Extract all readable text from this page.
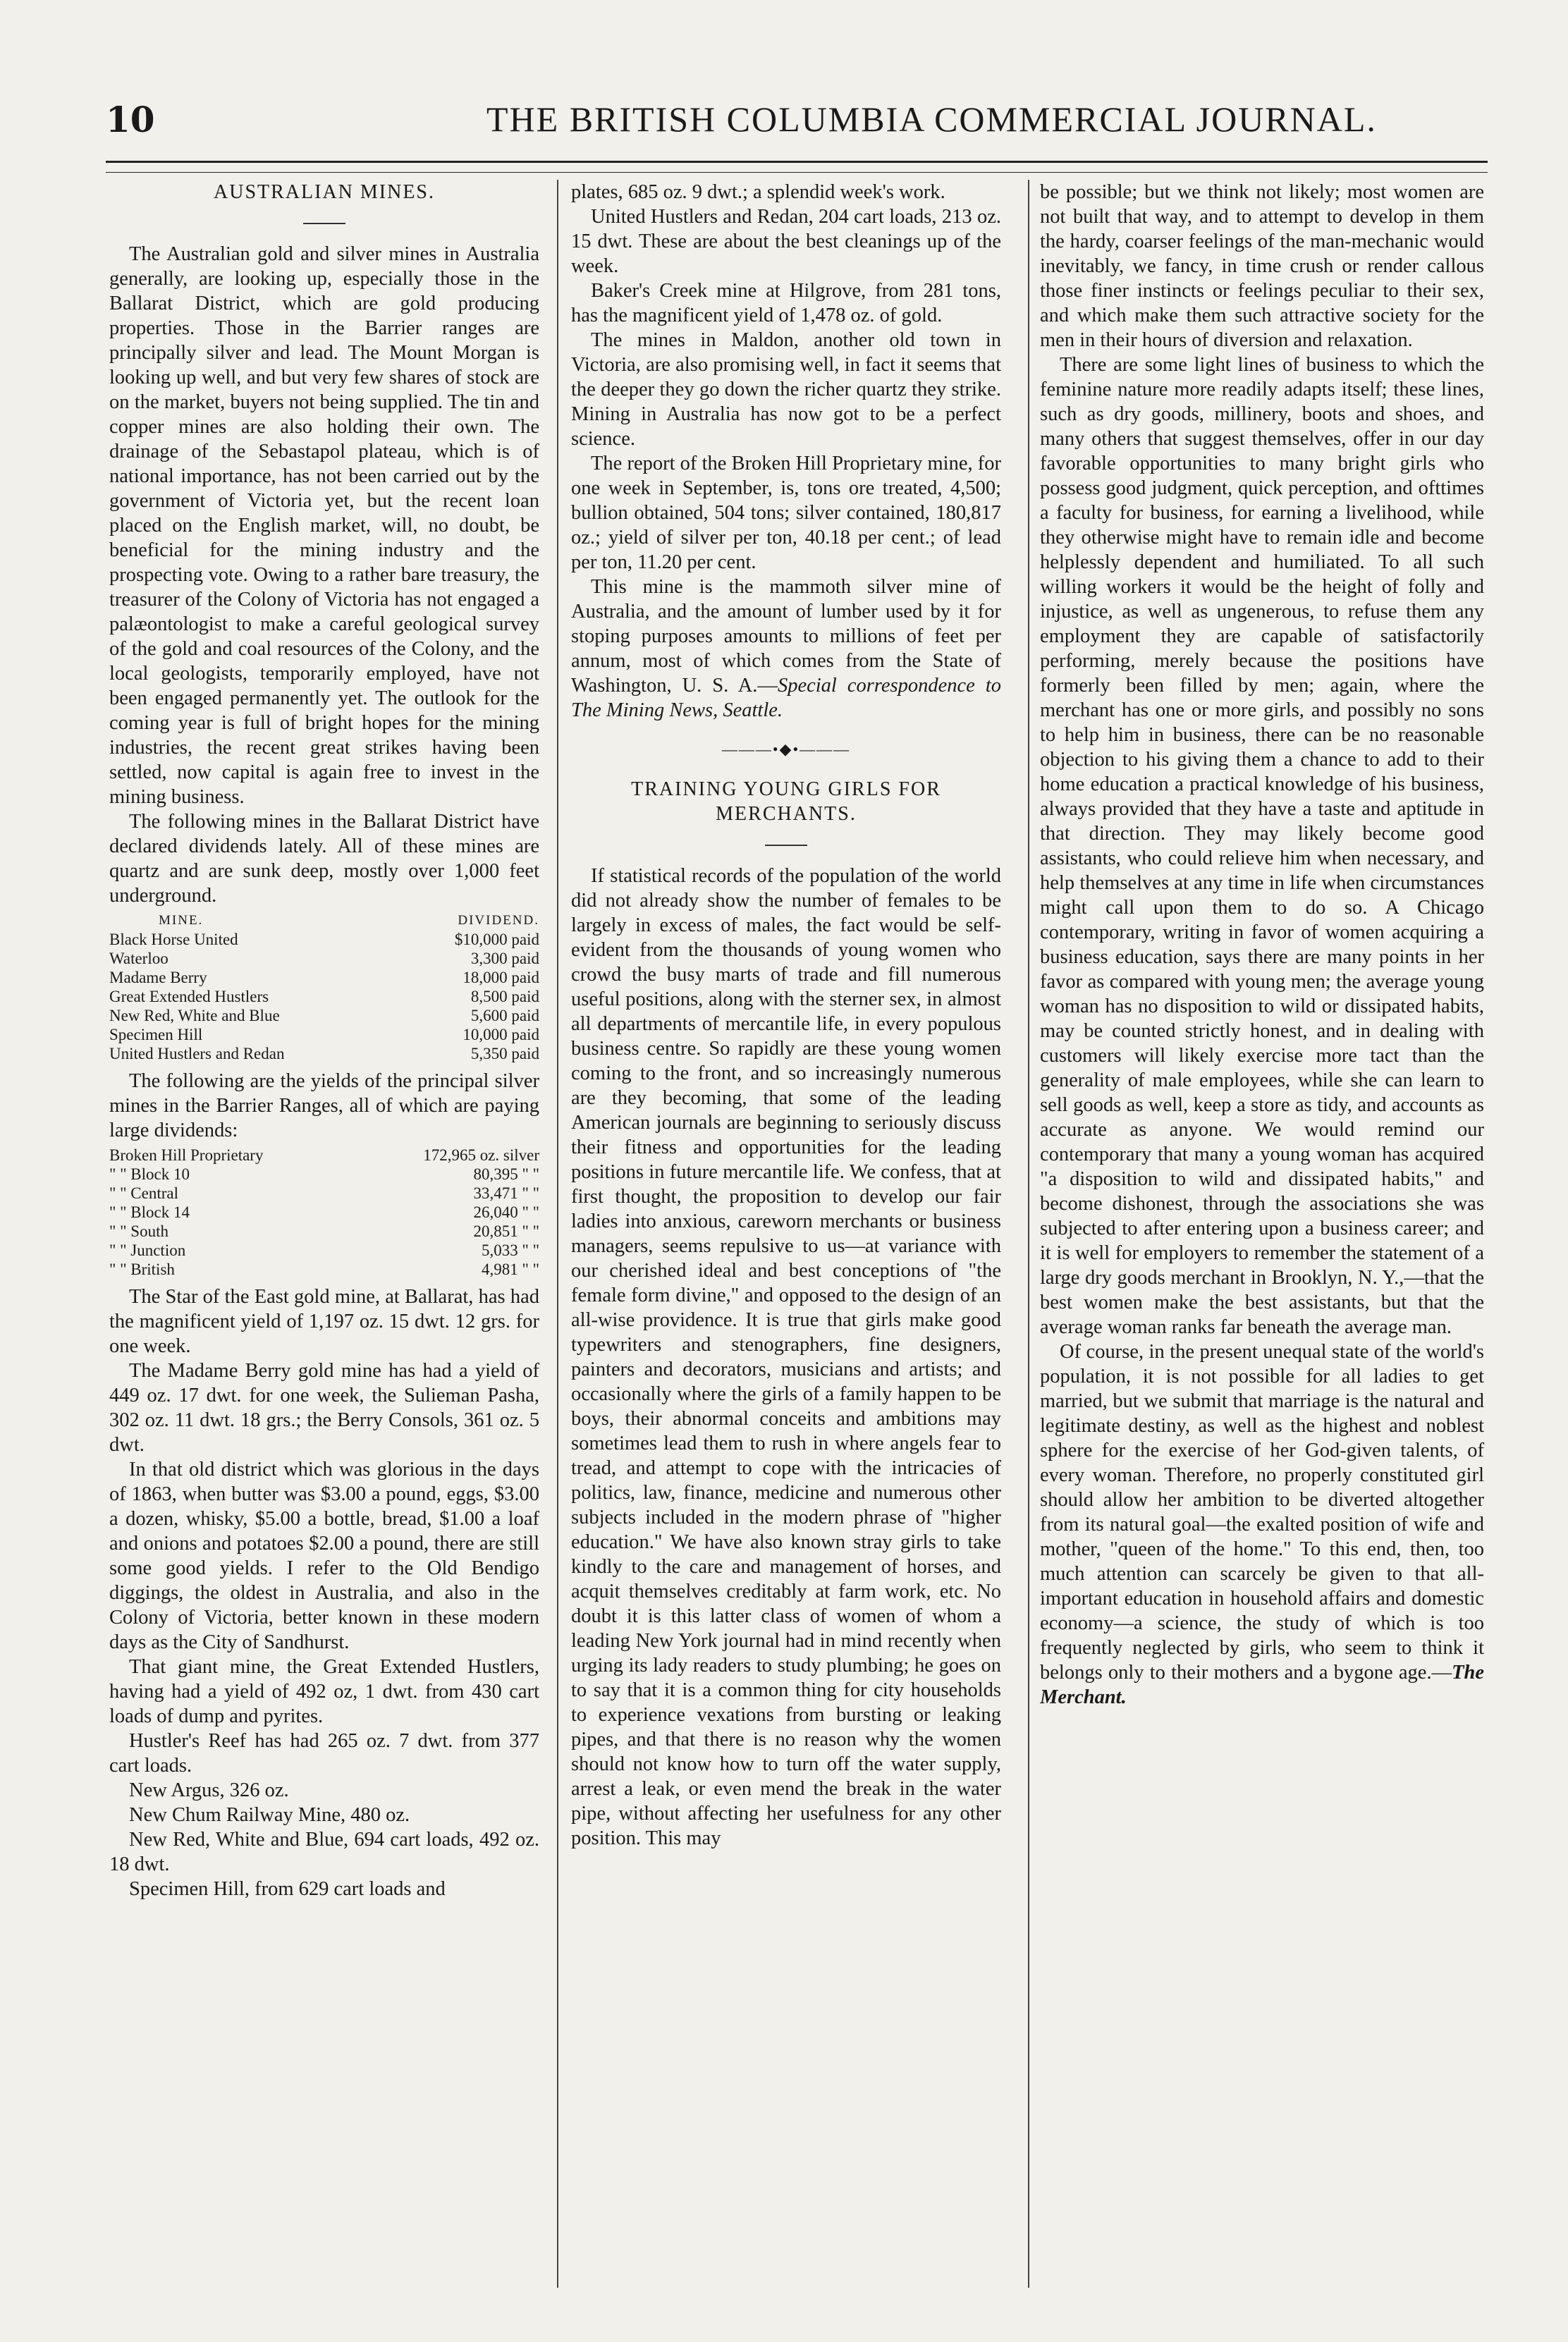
10	THE BRITISH COLUMBIA COMMERCIAL JOURNAL.
AUSTRALIAN MINES.

The Australian gold and silver mines in Australia generally, are looking up, especially those in the Ballarat District, which are gold producing properties. Those in the Barrier ranges are principally silver and lead. The Mount Morgan is looking up well, and but very few shares of stock are on the market, buyers not being supplied. The tin and copper mines are also holding their own. The drainage of the Sebastapol plateau, which is of national importance, has not been carried out by the government of Victoria yet, but the recent loan placed on the English market, will, no doubt, be beneficial for the mining industry and the prospecting vote. Owing to a rather bare treasury, the treasurer of the Colony of Victoria has not engaged a palæontologist to make a careful geological survey of the gold and coal resources of the Colony, and the local geologists, temporarily employed, have not been engaged permanently yet. The outlook for the coming year is full of bright hopes for the mining industries, the recent great strikes having been settled, now capital is again free to invest in the mining business.

The following mines in the Ballarat District have declared dividends lately. All of these mines are quartz and are sunk deep, mostly over 1,000 feet underground.

MINE.	DIVIDEND.
Black Horse United	$10,000 paid
Waterloo	3,300 paid
Madame Berry	18,000 paid
Great Extended Hustlers	8,500 paid
New Red, White and Blue	5,600 paid
Specimen Hill	10,000 paid
United Hustlers and Redan	5,350 paid

The following are the yields of the principal silver mines in the Barrier Ranges, all of which are paying large dividends:

Broken Hill Proprietary	172,965 oz. silver
" " Block 10	80,395 " "
" " Central	33,471 " "
" " Block 14	26,040 " "
" " South	20,851 " "
" " Junction	5,033 " "
" " British	4,981 " "

The Star of the East gold mine, at Ballarat, has had the magnificent yield of 1,197 oz. 15 dwt. 12 grs. for one week.

The Madame Berry gold mine has had a yield of 449 oz. 17 dwt. for one week, the Sulieman Pasha, 302 oz. 11 dwt. 18 grs.; the Berry Consols, 361 oz. 5 dwt.

In that old district which was glorious in the days of 1863, when butter was $3.00 a pound, eggs, $3.00 a dozen, whisky, $5.00 a bottle, bread, $1.00 a loaf and onions and potatoes $2.00 a pound, there are still some good yields. I refer to the Old Bendigo diggings, the oldest in Australia, and also in the Colony of Victoria, better known in these modern days as the City of Sandhurst.

That giant mine, the Great Extended Hustlers, having had a yield of 492 oz, 1 dwt. from 430 cart loads of dump and pyrites.

Hustler's Reef has had 265 oz. 7 dwt. from 377 cart loads.

New Argus, 326 oz.

New Chum Railway Mine, 480 oz.

New Red, White and Blue, 694 cart loads, 492 oz. 18 dwt.

Specimen Hill, from 629 cart loads and

plates, 685 oz. 9 dwt.; a splendid week's work.

United Hustlers and Redan, 204 cart loads, 213 oz. 15 dwt. These are about the best cleanings up of the week.

Baker's Creek mine at Hilgrove, from 281 tons, has the magnificent yield of 1,478 oz. of gold.

The mines in Maldon, another old town in Victoria, are also promising well, in fact it seems that the deeper they go down the richer quartz they strike. Mining in Australia has now got to be a perfect science.

The report of the Broken Hill Proprietary mine, for one week in September, is, tons ore treated, 4,500; bullion obtained, 504 tons; silver contained, 180,817 oz.; yield of silver per ton, 40.18 per cent.; of lead per ton, 11.20 per cent.

This mine is the mammoth silver mine of Australia, and the amount of lumber used by it for stoping purposes amounts to millions of feet per annum, most of which comes from the State of Washington, U. S. A.—Special correspondence to The Mining News, Seattle.

———•◆•———
TRAINING YOUNG GIRLS FOR MERCHANTS.

If statistical records of the population of the world did not already show the number of females to be largely in excess of males, the fact would be self-evident from the thousands of young women who crowd the busy marts of trade and fill numerous useful positions, along with the sterner sex, in almost all departments of mercantile life, in every populous business centre. So rapidly are these young women coming to the front, and so increasingly numerous are they becoming, that some of the leading American journals are beginning to seriously discuss their fitness and opportunities for the leading positions in future mercantile life. We confess, that at first thought, the proposition to develop our fair ladies into anxious, careworn merchants or business managers, seems repulsive to us—at variance with our cherished ideal and best conceptions of "the female form divine," and opposed to the design of an all-wise providence. It is true that girls make good typewriters and stenographers, fine designers, painters and decorators, musicians and artists; and occasionally where the girls of a family happen to be boys, their abnormal conceits and ambitions may sometimes lead them to rush in where angels fear to tread, and attempt to cope with the intricacies of politics, law, finance, medicine and numerous other subjects included in the modern phrase of "higher education." We have also known stray girls to take kindly to the care and management of horses, and acquit themselves creditably at farm work, etc. No doubt it is this latter class of women of whom a leading New York journal had in mind recently when urging its lady readers to study plumbing; he goes on to say that it is a common thing for city households to experience vexations from bursting or leaking pipes, and that there is no reason why the women should not know how to turn off the water supply, arrest a leak, or even mend the break in the water pipe, without affecting her usefulness for any other position. This may

be possible; but we think not likely; most women are not built that way, and to attempt to develop in them the hardy, coarser feelings of the man-mechanic would inevitably, we fancy, in time crush or render callous those finer instincts or feelings peculiar to their sex, and which make them such attractive society for the men in their hours of diversion and relaxation.

There are some light lines of business to which the feminine nature more readily adapts itself; these lines, such as dry goods, millinery, boots and shoes, and many others that suggest themselves, offer in our day favorable opportunities to many bright girls who possess good judgment, quick perception, and ofttimes a faculty for business, for earning a livelihood, while they otherwise might have to remain idle and become helplessly dependent and humiliated. To all such willing workers it would be the height of folly and injustice, as well as ungenerous, to refuse them any employment they are capable of satisfactorily performing, merely because the positions have formerly been filled by men; again, where the merchant has one or more girls, and possibly no sons to help him in business, there can be no reasonable objection to his giving them a chance to add to their home education a practical knowledge of his business, always provided that they have a taste and aptitude in that direction. They may likely become good assistants, who could relieve him when necessary, and help themselves at any time in life when circumstances might call upon them to do so. A Chicago contemporary, writing in favor of women acquiring a business education, says there are many points in her favor as compared with young men; the average young woman has no disposition to wild or dissipated habits, may be counted strictly honest, and in dealing with customers will likely exercise more tact than the generality of male employees, while she can learn to sell goods as well, keep a store as tidy, and accounts as accurate as anyone. We would remind our contemporary that many a young woman has acquired "a disposition to wild and dissipated habits," and become dishonest, through the associations she was subjected to after entering upon a business career; and it is well for employers to remember the statement of a large dry goods merchant in Brooklyn, N. Y.,—that the best women make the best assistants, but that the average woman ranks far beneath the average man.

Of course, in the present unequal state of the world's population, it is not possible for all ladies to get married, but we submit that marriage is the natural and legitimate destiny, as well as the highest and noblest sphere for the exercise of her God-given talents, of every woman. Therefore, no properly constituted girl should allow her ambition to be diverted altogether from its natural goal—the exalted position of wife and mother, "queen of the home." To this end, then, too much attention can scarcely be given to that all-important education in household affairs and domestic economy—a science, the study of which is too frequently neglected by girls, who seem to think it belongs only to their mothers and a bygone age.—The Merchant.
